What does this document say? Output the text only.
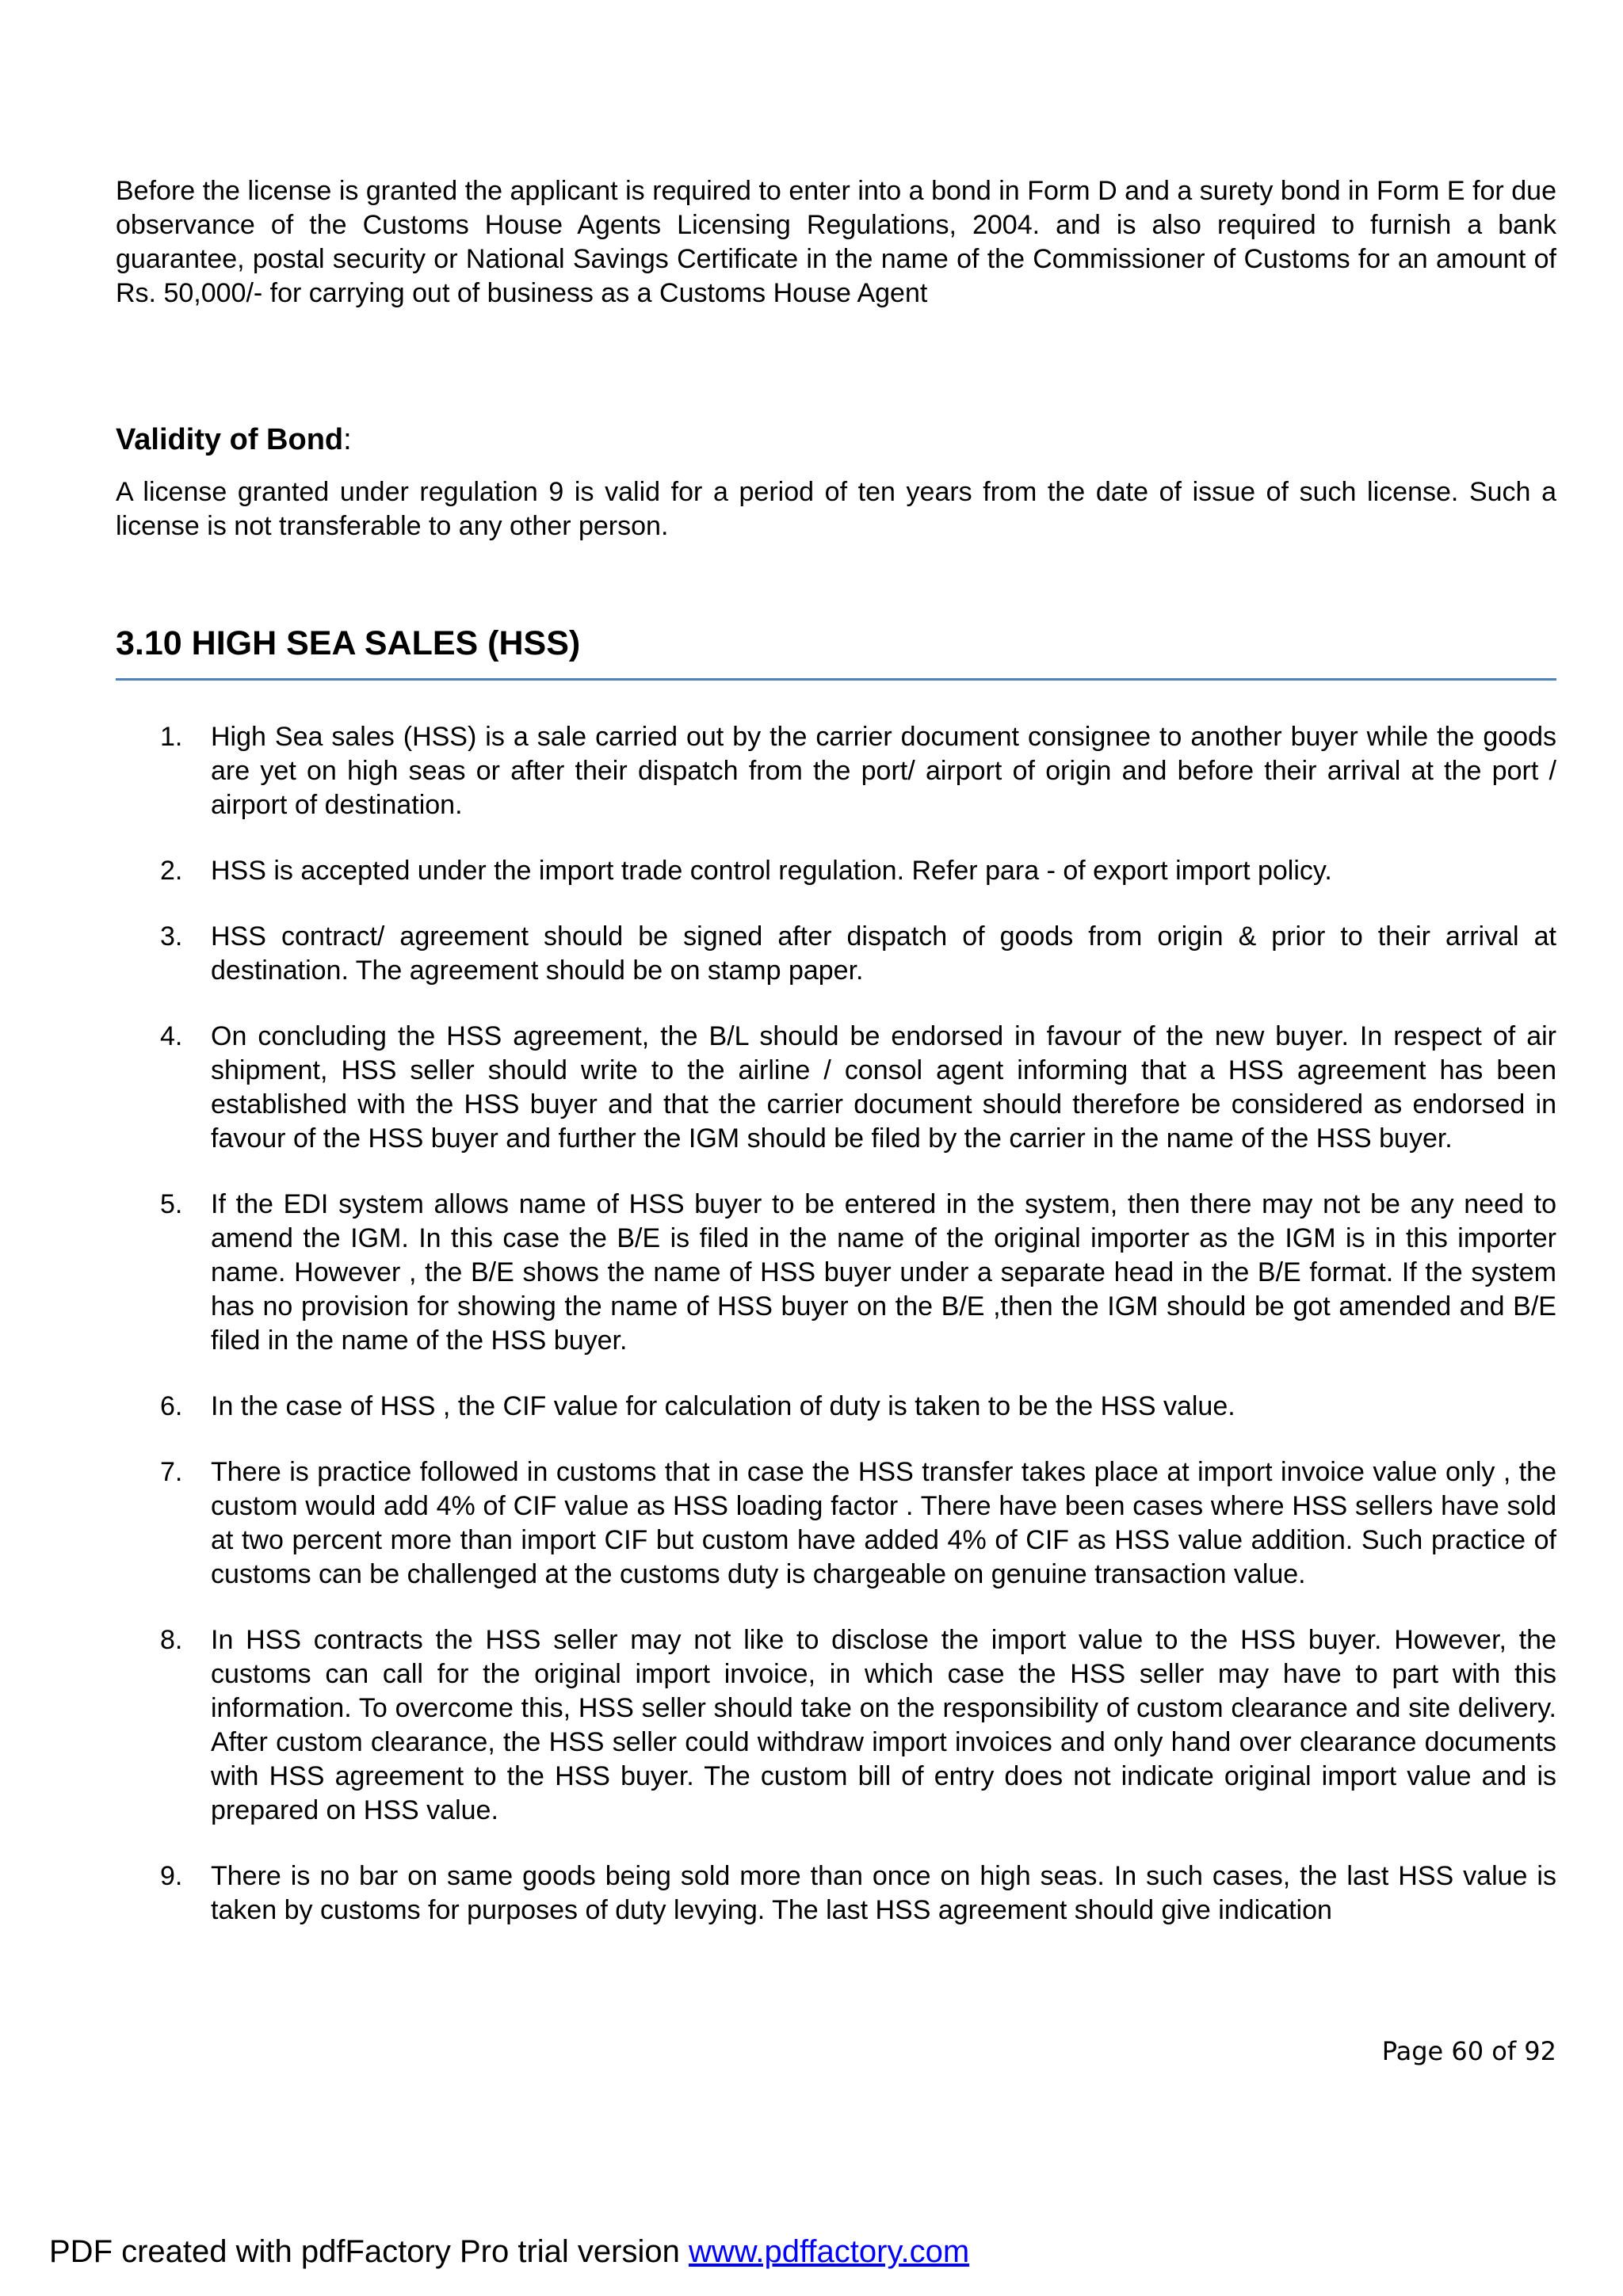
Before the license is granted the applicant is required to enter into a bond in Form D and a surety bond in Form E for due observance of the Customs House Agents Licensing Regulations, 2004. and is also required to furnish a bank guarantee, postal security or National Savings Certificate in the name of the Commissioner of Customs for an amount of Rs. 50,000/- for carrying out of business as a Customs House Agent

Validity of Bond:

A license granted under regulation 9 is valid for a period of ten years from the date of issue of such license. Such a license is not transferable to any other person.

3.10 HIGH SEA SALES (HSS)
1.	High Sea sales (HSS) is a sale carried out by the carrier document consignee to another buyer while the goods are yet on high seas or after their dispatch from the port/ airport of origin and before their arrival at the port / airport of destination.
2.	HSS is accepted under the import trade control regulation. Refer para - of export import policy.
3.	HSS contract/ agreement should be signed after dispatch of goods from origin & prior to their arrival at destination. The agreement should be on stamp paper.
4.	On concluding the HSS agreement, the B/L should be endorsed in favour of the new buyer. In respect of air shipment, HSS seller should write to the airline / consol agent informing that a HSS agreement has been established with the HSS buyer and that the carrier document should therefore be considered as endorsed in favour of the HSS buyer and further the IGM should be filed by the carrier in the name of the HSS buyer.
5.	If the EDI system allows name of HSS buyer to be entered in the system, then there may not be any need to amend the IGM. In this case the B/E is filed in the name of the original importer as the IGM is in this importer name. However , the B/E shows the name of HSS buyer under a separate head in the B/E format. If the system has no provision for showing the name of HSS buyer on the B/E ,then the IGM should be got amended and B/E filed in the name of the HSS buyer.
6.	In the case of HSS , the CIF value for calculation of duty is taken to be the HSS value.
7.	There is practice followed in customs that in case the HSS transfer takes place at import invoice value only , the custom would add 4% of CIF value as HSS loading factor . There have been cases where HSS sellers have sold at two percent more than import CIF but custom have added 4% of CIF as HSS value addition. Such practice of customs can be challenged at the customs duty is chargeable on genuine transaction value.
8.	In HSS contracts the HSS seller may not like to disclose the import value to the HSS buyer. However, the customs can call for the original import invoice, in which case the HSS seller may have to part with this information. To overcome this, HSS seller should take on the responsibility of custom clearance and site delivery. After custom clearance, the HSS seller could withdraw import invoices and only hand over clearance documents with HSS agreement to the HSS buyer. The custom bill of entry does not indicate original import value and is prepared on HSS value.
9.	There is no bar on same goods being sold more than once on high seas. In such cases, the last HSS value is taken by customs for purposes of duty levying. The last HSS agreement should give indication
Page 60 of 92
PDF created with pdfFactory Pro trial version www.pdffactory.com
